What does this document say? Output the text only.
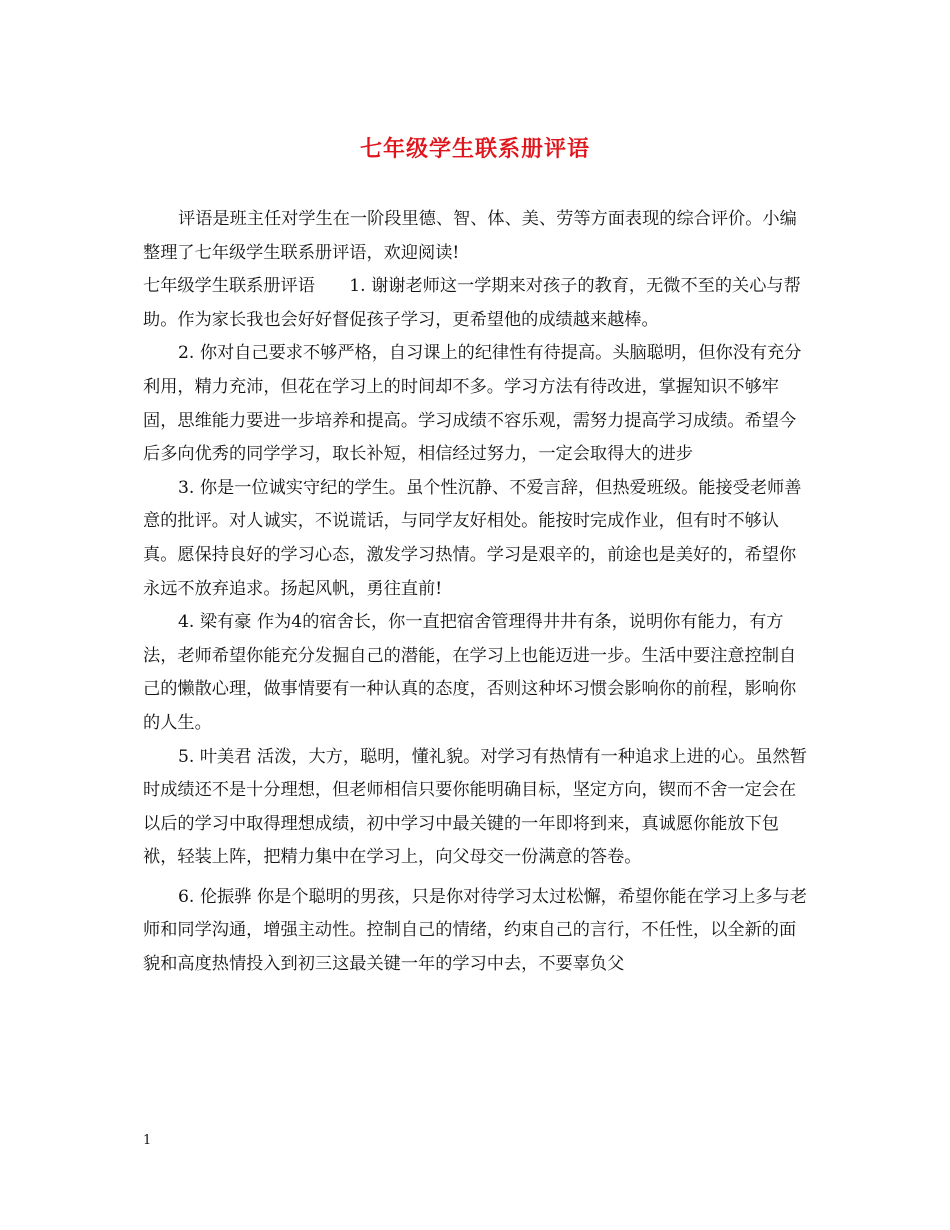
七年级学生联系册评语

评语是班主任对学生在一阶段里德、智、体、美、劳等方面表现的综合评价。小编整理了七年级学生联系册评语，欢迎阅读!

七年级学生联系册评语　　1. 谢谢老师这一学期来对孩子的教育，无微不至的关心与帮助。作为家长我也会好好督促孩子学习，更希望他的成绩越来越棒。

2. 你对自己要求不够严格，自习课上的纪律性有待提高。头脑聪明，但你没有充分利用，精力充沛，但花在学习上的时间却不多。学习方法有待改进，掌握知识不够牢固，思维能力要进一步培养和提高。学习成绩不容乐观，需努力提高学习成绩。希望今后多向优秀的同学学习，取长补短，相信经过努力，一定会取得大的进步

3. 你是一位诚实守纪的学生。虽个性沉静、不爱言辞，但热爱班级。能接受老师善意的批评。对人诚实，不说谎话，与同学友好相处。能按时完成作业，但有时不够认真。愿保持良好的学习心态，激发学习热情。学习是艰辛的，前途也是美好的，希望你永远不放弃追求。扬起风帆，勇往直前!

4. 梁有豪 作为4的宿舍长，你一直把宿舍管理得井井有条，说明你有能力，有方法，老师希望你能充分发掘自己的潜能，在学习上也能迈进一步。生活中要注意控制自己的懒散心理，做事情要有一种认真的态度，否则这种坏习惯会影响你的前程，影响你的人生。

5. 叶美君 活泼，大方，聪明，懂礼貌。对学习有热情有一种追求上进的心。虽然暂时成绩还不是十分理想，但老师相信只要你能明确目标，坚定方向，锲而不舍一定会在以后的学习中取得理想成绩，初中学习中最关键的一年即将到来，真诚愿你能放下包袱，轻装上阵，把精力集中在学习上，向父母交一份满意的答卷。

6. 伦振骅 你是个聪明的男孩，只是你对待学习太过松懈，希望你能在学习上多与老师和同学沟通，增强主动性。控制自己的情绪，约束自己的言行，不任性，以全新的面貌和高度热情投入到初三这最关键一年的学习中去，不要辜负父

1
